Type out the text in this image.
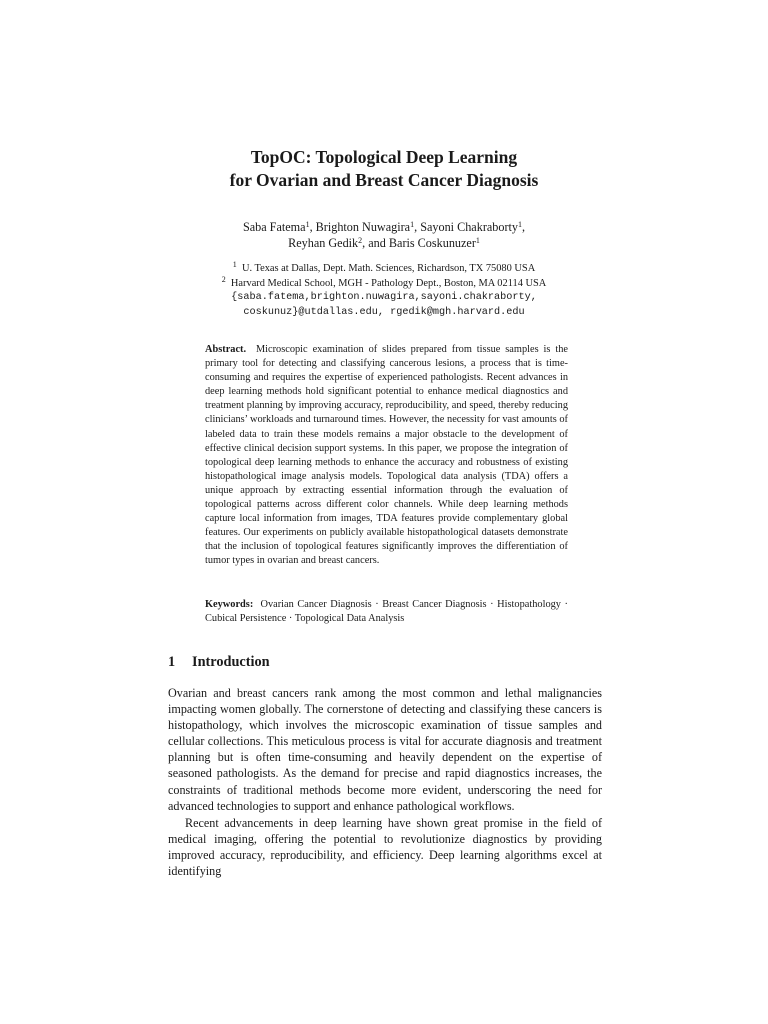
TopOC: Topological Deep Learning
for Ovarian and Breast Cancer Diagnosis
Saba Fatema$^1$, Brighton Nuwagira$^1$, Sayoni Chakraborty$^1$,
Reyhan Gedik$^2$, and Baris Coskunuzer$^1$
$^1$ U. Texas at Dallas, Dept. Math. Sciences, Richardson, TX 75080 USA
$^2$ Harvard Medical School, MGH - Pathology Dept., Boston, MA 02114 USA
{saba.fatema,brighton.nuwagira,sayoni.chakraborty,
coskunuz}@utdallas.edu, rgedik@mgh.harvard.edu
Abstract. Microscopic examination of slides prepared from tissue samples is the primary tool for detecting and classifying cancerous lesions, a process that is time-consuming and requires the expertise of experienced pathologists. Recent advances in deep learning methods hold significant potential to enhance medical diagnostics and treatment planning by improving accuracy, reproducibility, and speed, thereby reducing clinicians’ workloads and turnaround times. However, the necessity for vast amounts of labeled data to train these models remains a major obstacle to the development of effective clinical decision support systems. In this paper, we propose the integration of topological deep learning methods to enhance the accuracy and robustness of existing histopathological image analysis models. Topological data analysis (TDA) offers a unique approach by extracting essential information through the evaluation of topological patterns across different color channels. While deep learning methods capture local information from images, TDA features provide complementary global features. Our experiments on publicly available histopathological datasets demonstrate that the inclusion of topological features significantly improves the differentiation of tumor types in ovarian and breast cancers.
Keywords: Ovarian Cancer Diagnosis · Breast Cancer Diagnosis · Histopathology · Cubical Persistence · Topological Data Analysis
1 Introduction

Ovarian and breast cancers rank among the most common and lethal malignancies impacting women globally. The cornerstone of detecting and classifying these cancers is histopathology, which involves the microscopic examination of tissue samples and cellular collections. This meticulous process is vital for accurate diagnosis and treatment planning but is often time-consuming and heavily dependent on the expertise of seasoned pathologists. As the demand for precise and rapid diagnostics increases, the constraints of traditional methods become more evident, underscoring the need for advanced technologies to support and enhance pathological workflows.

Recent advancements in deep learning have shown great promise in the field of medical imaging, offering the potential to revolutionize diagnostics by providing improved accuracy, reproducibility, and efficiency. Deep learning algorithms excel at identifying
